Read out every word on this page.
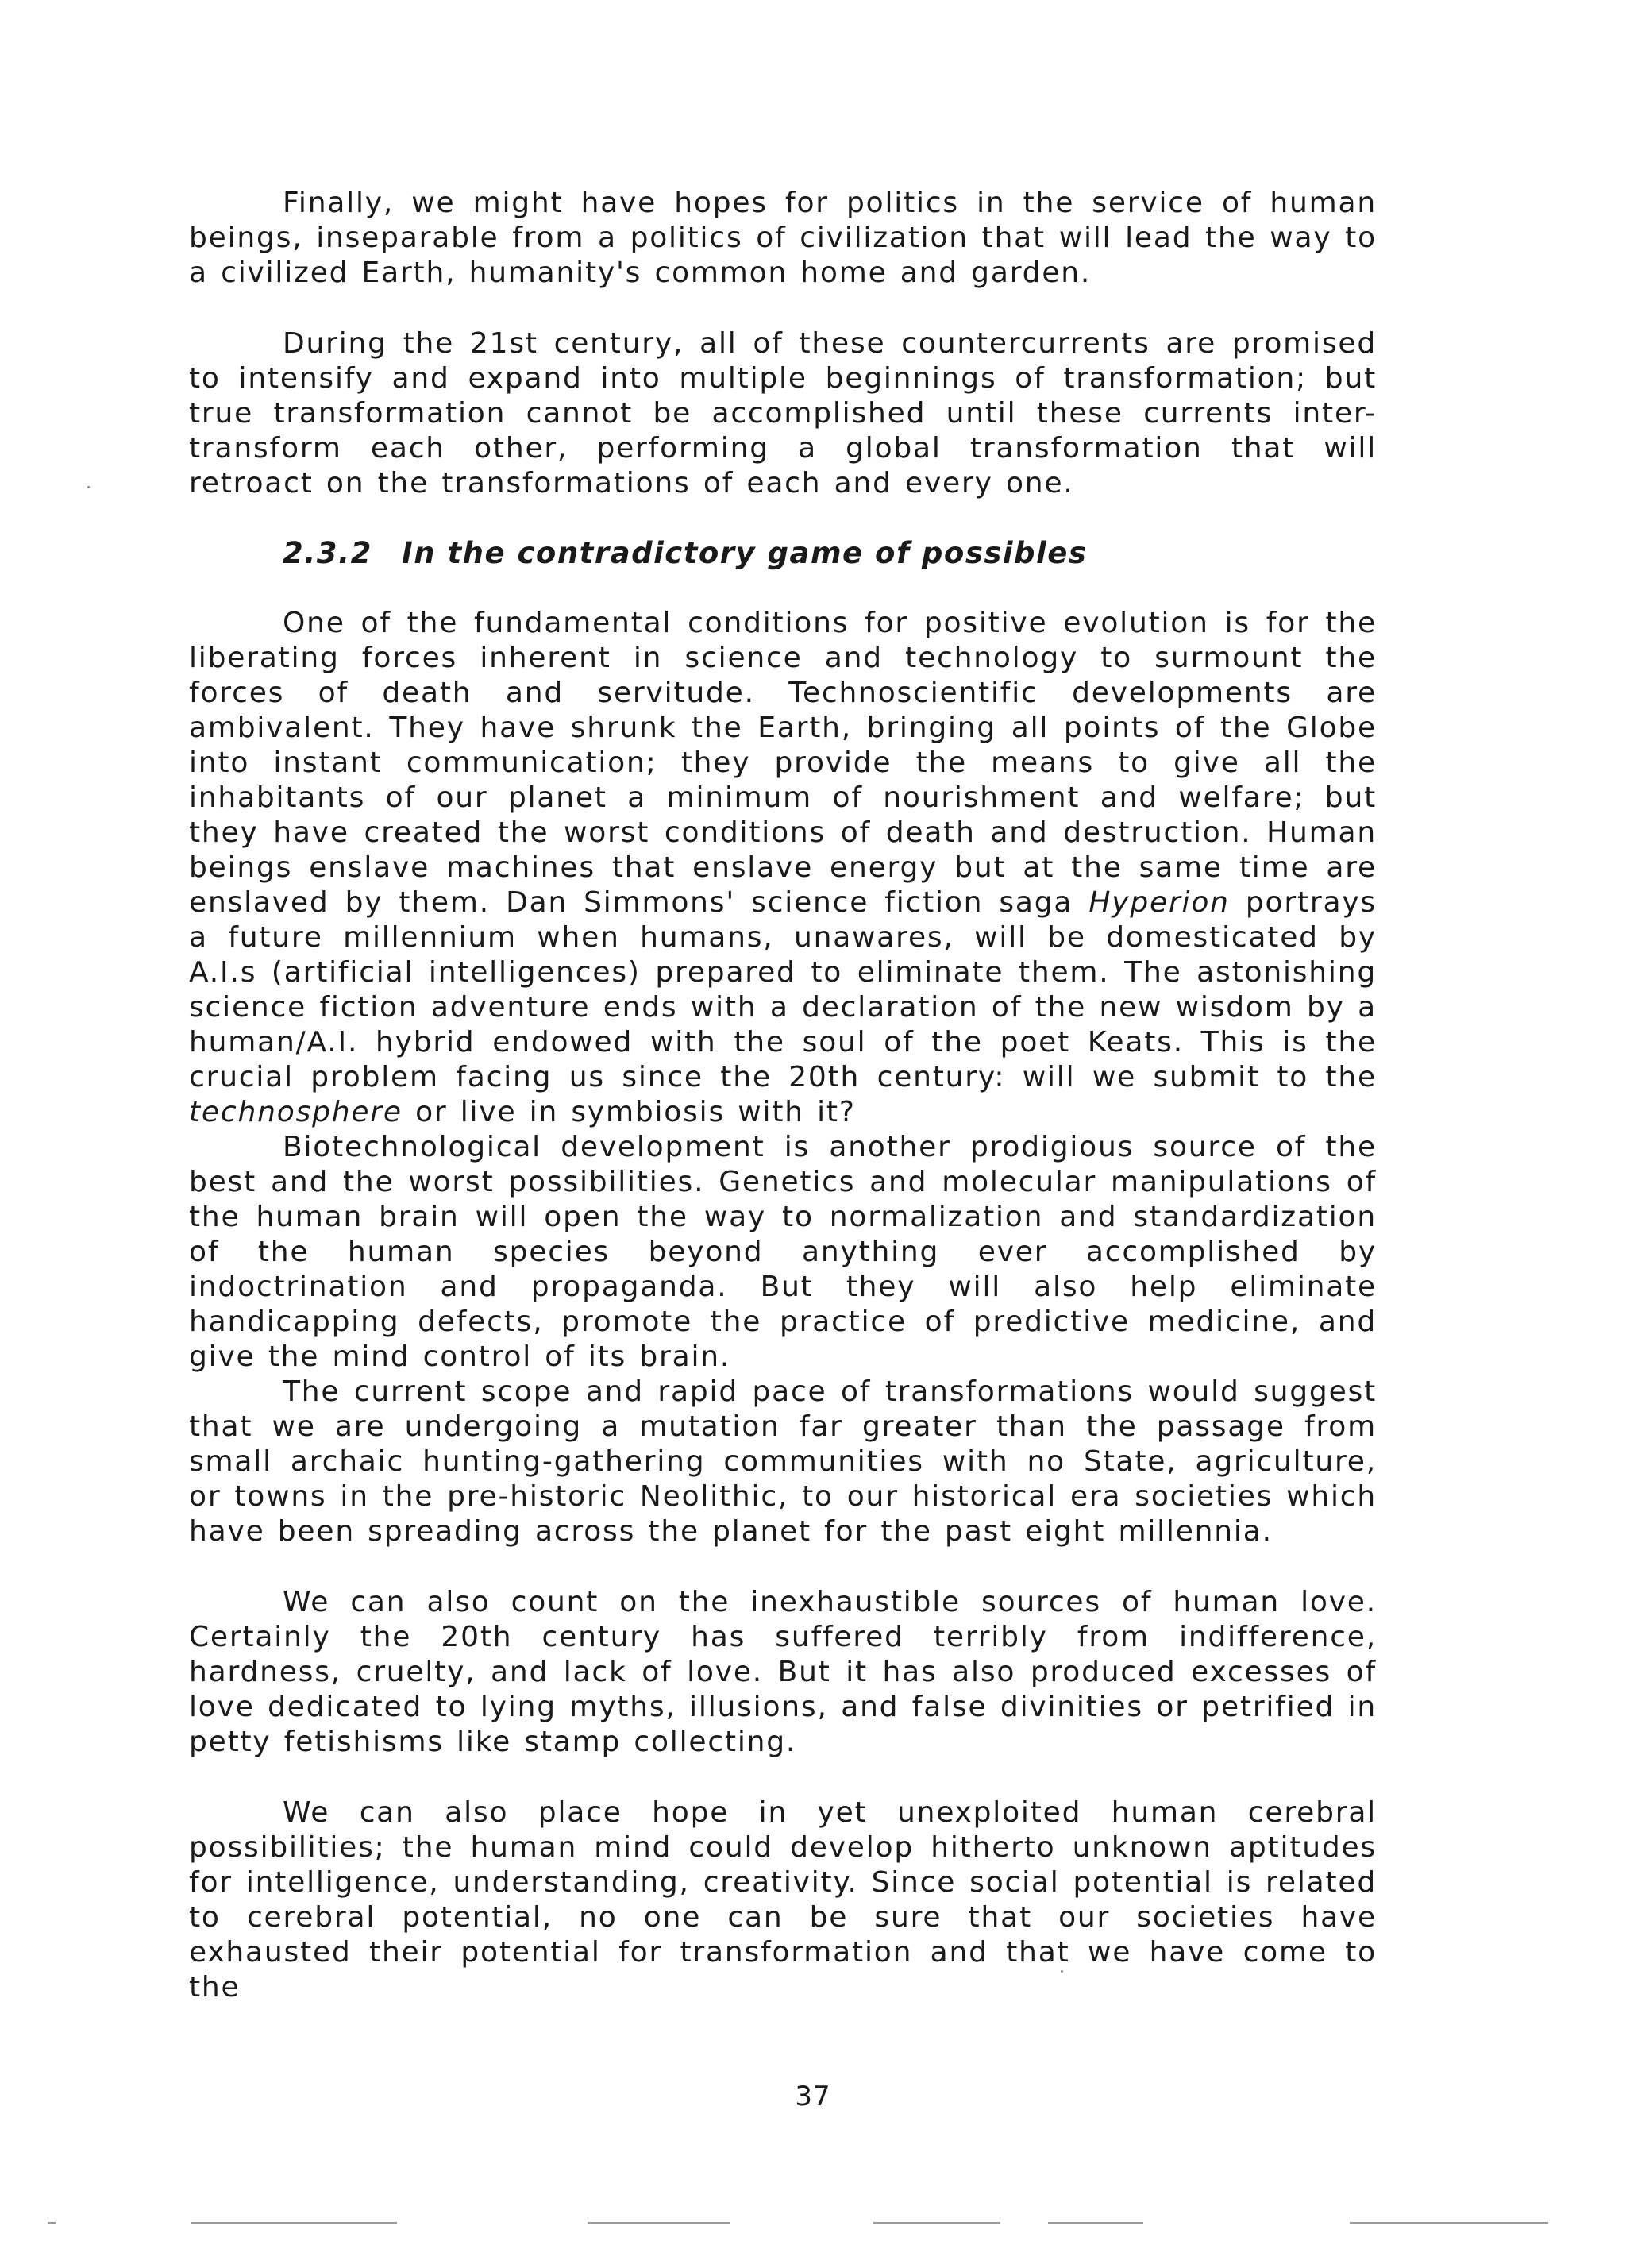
Finally, we might have hopes for politics in the service of human beings, inseparable from a politics of civilization that will lead the way to a civilized Earth, humanity's common home and garden.

During the 21st century, all of these countercurrents are promised to intensify and expand into multiple beginnings of transformation; but true transformation cannot be accomplished until these currents inter-transform each other, performing a global transformation that will retroact on the transformations of each and every one.

2.3.2 In the contradictory game of possibles

One of the fundamental conditions for positive evolution is for the liberating forces inherent in science and technology to surmount the forces of death and servitude. Technoscientific developments are ambivalent. They have shrunk the Earth, bringing all points of the Globe into instant communication; they provide the means to give all the inhabitants of our planet a minimum of nourishment and welfare; but they have created the worst conditions of death and destruction. Human beings enslave machines that enslave energy but at the same time are enslaved by them. Dan Simmons' science fiction saga Hyperion portrays a future millennium when humans, unawares, will be domesticated by A.I.s (artificial intelligences) prepared to eliminate them. The astonishing science fiction adventure ends with a declaration of the new wisdom by a human/A.I. hybrid endowed with the soul of the poet Keats. This is the crucial problem facing us since the 20th century: will we submit to the technosphere or live in symbiosis with it?

Biotechnological development is another prodigious source of the best and the worst possibilities. Genetics and molecular manipulations of the human brain will open the way to normalization and standardization of the human species beyond anything ever accomplished by indoctrination and propaganda. But they will also help eliminate handicapping defects, promote the practice of predictive medicine, and give the mind control of its brain.

The current scope and rapid pace of transformations would suggest that we are undergoing a mutation far greater than the passage from small archaic hunting-gathering communities with no State, agriculture, or towns in the pre-historic Neolithic, to our historical era societies which have been spreading across the planet for the past eight millennia.

We can also count on the inexhaustible sources of human love. Certainly the 20th century has suffered terribly from indifference, hardness, cruelty, and lack of love. But it has also produced excesses of love dedicated to lying myths, illusions, and false divinities or petrified in petty fetishisms like stamp collecting.

We can also place hope in yet unexploited human cerebral possibilities; the human mind could develop hitherto unknown aptitudes for intelligence, understanding, creativity. Since social potential is related to cerebral potential, no one can be sure that our societies have exhausted their potential for transformation and that we have come to the

37
